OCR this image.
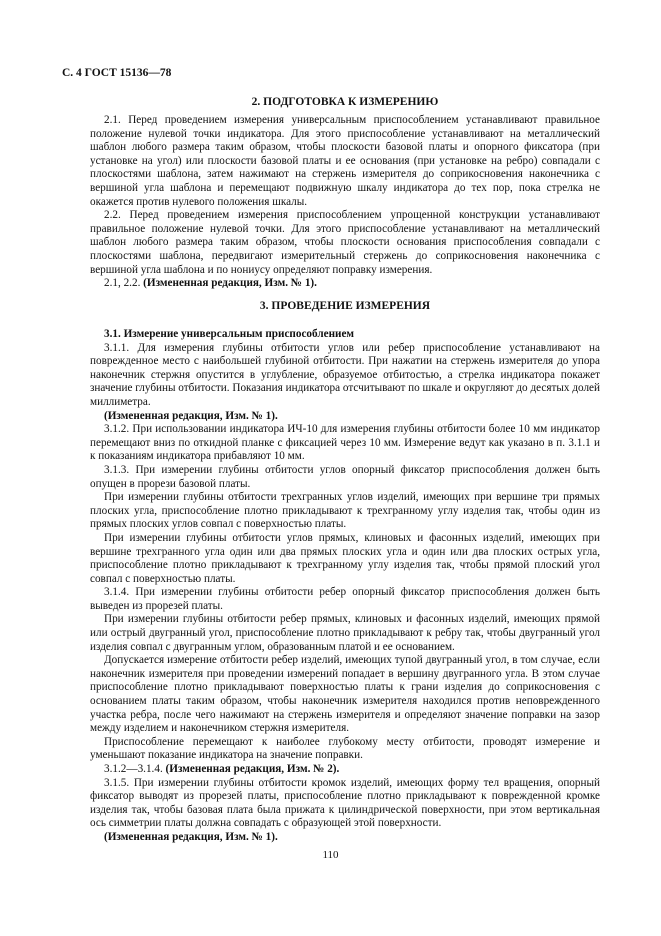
С. 4 ГОСТ 15136—78

2. ПОДГОТОВКА К ИЗМЕРЕНИЮ

2.1. Перед проведением измерения универсальным приспособлением устанавливают правильное положение нулевой точки индикатора. Для этого приспособление устанавливают на металлический шаблон любого размера таким образом, чтобы плоскости базовой платы и опорного фиксатора (при установке на угол) или плоскости базовой платы и ее основания (при установке на ребро) совпадали с плоскостями шаблона, затем нажимают на стержень измерителя до соприкосновения наконечника с вершиной угла шаблона и перемещают подвижную шкалу индикатора до тех пор, пока стрелка не окажется против нулевого положения шкалы.

2.2. Перед проведением измерения приспособлением упрощенной конструкции устанавливают правильное положение нулевой точки. Для этого приспособление устанавливают на металлический шаблон любого размера таким образом, чтобы плоскости основания приспособления совпадали с плоскостями шаблона, передвигают измерительный стержень до соприкосновения наконечника с вершиной угла шаблона и по нониусу определяют поправку измерения.

2.1, 2.2. (Измененная редакция, Изм. № 1).

3. ПРОВЕДЕНИЕ ИЗМЕРЕНИЯ

3.1. Измерение универсальным приспособлением

3.1.1. Для измерения глубины отбитости углов или ребер приспособление устанавливают на поврежденное место с наибольшей глубиной отбитости. При нажатии на стержень измерителя до упора наконечник стержня опустится в углубление, образуемое отбитостью, а стрелка индикатора покажет значение глубины отбитости. Показания индикатора отсчитывают по шкале и округляют до десятых долей миллиметра.

(Измененная редакция, Изм. № 1).

3.1.2. При использовании индикатора ИЧ-10 для измерения глубины отбитости более 10 мм индикатор перемещают вниз по откидной планке с фиксацией через 10 мм. Измерение ведут как указано в п. 3.1.1 и к показаниям индикатора прибавляют 10 мм.

3.1.3. При измерении глубины отбитости углов опорный фиксатор приспособления должен быть опущен в прорези базовой платы.

При измерении глубины отбитости трехгранных углов изделий, имеющих при вершине три прямых плоских угла, приспособление плотно прикладывают к трехгранному углу изделия так, чтобы один из прямых плоских углов совпал с поверхностью платы.

При измерении глубины отбитости углов прямых, клиновых и фасонных изделий, имеющих при вершине трехгранного угла один или два прямых плоских угла и один или два плоских острых угла, приспособление плотно прикладывают к трехгранному углу изделия так, чтобы прямой плоский угол совпал с поверхностью платы.

3.1.4. При измерении глубины отбитости ребер опорный фиксатор приспособления должен быть выведен из прорезей платы.

При измерении глубины отбитости ребер прямых, клиновых и фасонных изделий, имеющих прямой или острый двугранный угол, приспособление плотно прикладывают к ребру так, чтобы двугранный угол изделия совпал с двугранным углом, образованным платой и ее основанием.

Допускается измерение отбитости ребер изделий, имеющих тупой двугранный угол, в том случае, если наконечник измерителя при проведении измерений попадает в вершину двугранного угла. В этом случае приспособление плотно прикладывают поверхностью платы к грани изделия до соприкосновения с основанием платы таким образом, чтобы наконечник измерителя находился против неповрежденного участка ребра, после чего нажимают на стержень измерителя и определяют значение поправки на зазор между изделием и наконечником стержня измерителя.

Приспособление перемещают к наиболее глубокому месту отбитости, проводят измерение и уменьшают показание индикатора на значение поправки.

3.1.2—3.1.4. (Измененная редакция, Изм. № 2).

3.1.5. При измерении глубины отбитости кромок изделий, имеющих форму тел вращения, опорный фиксатор выводят из прорезей платы, приспособление плотно прикладывают к поврежденной кромке изделия так, чтобы базовая плата была прижата к цилиндрической поверхности, при этом вертикальная ось симметрии платы должна совпадать с образующей этой поверхности.

(Измененная редакция, Изм. № 1).

110
